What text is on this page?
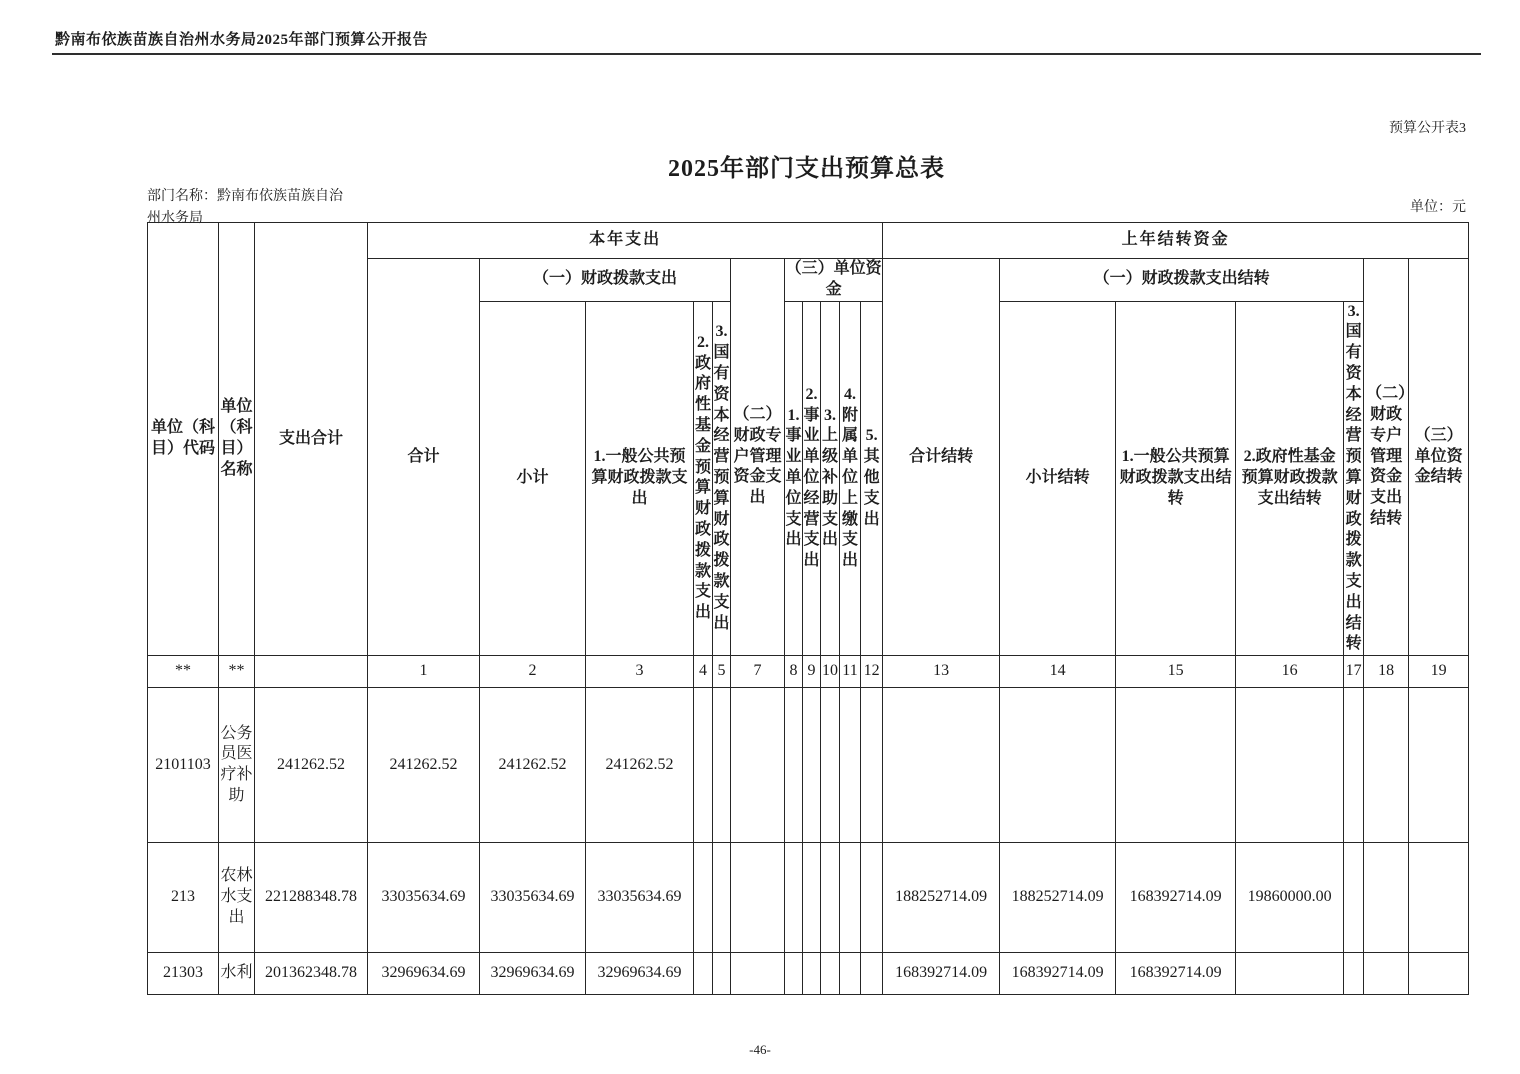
黔南布依族苗族自治州水务局2025年部门预算公开报告
预算公开表3
2025年部门支出预算总表
部门名称：黔南布依族苗族自治州水务局
单位：元
单位（科目）代码	单位（科目）名称	支出合计	本年支出											上年结转资金						
			合计	（一）财政拨款支出				（二）财政专户管理资金支出	（三）单位资金					合计结转	（一）财政拨款支出结转				（二）财政专户管理资金支出结转	（三）单位资金结转
				小计	1.一般公共预算财政拨款支出	2.政府性基金预算财政拨款支出	3.国有资本经营预算财政拨款支出		1.事业单位支出	2.事业单位经营支出	3.上级补助支出	4.附属单位上缴支出	5.其他支出		小计结转	1.一般公共预算财政拨款支出结转	2.政府性基金预算财政拨款支出结转	3.国有资本经营预算财政拨款支出结转		
**	**		1	2	3	4	5	7	8	9	10	11	12	13	14	15	16	17	18	19
2101103	公务员医疗补助	241262.52	241262.52	241262.52	241262.52															
213	农林水支出	221288348.78	33035634.69	33035634.69	33035634.69									188252714.09	188252714.09	168392714.09	19860000.00			
21303	水利	201362348.78	32969634.69	32969634.69	32969634.69									168392714.09	168392714.09	168392714.09				
-46-
